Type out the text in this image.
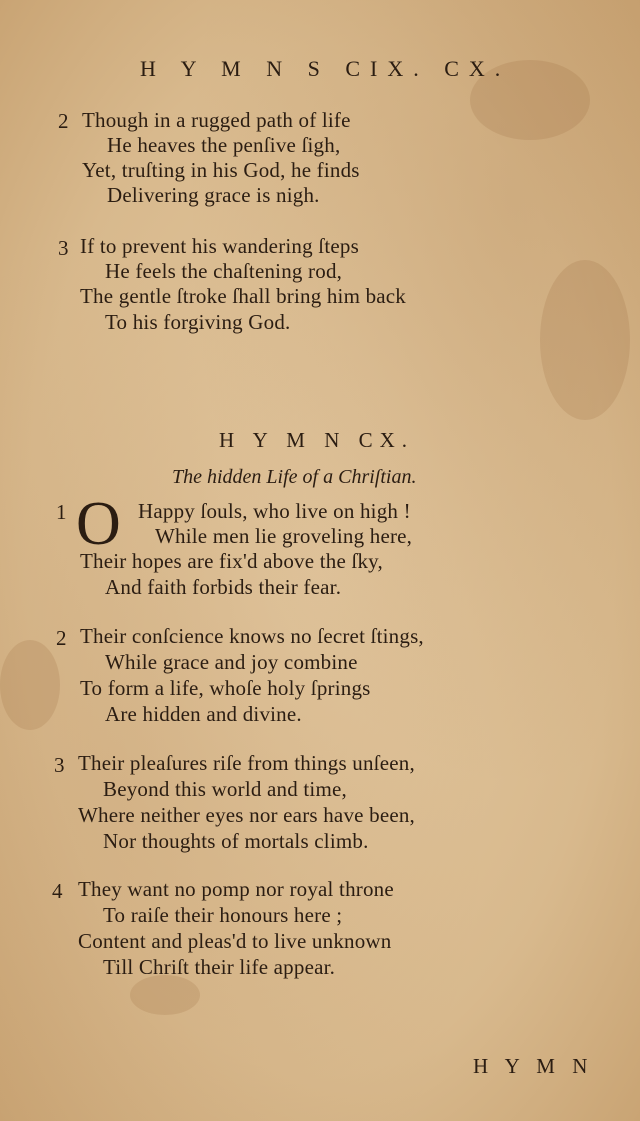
H Y M N S CIX. CX.
2 Though in a rugged path of life
He heaves the penſive ſigh,
Yet, truſting in his God, he finds
Delivering grace is nigh.
3 If to prevent his wandering ſteps
He feels the chaſtening rod,
The gentle ſtroke ſhall bring him back
To his forgiving God.
H Y M N CX.
The hidden Life of a Chriſtian.
1 O Happy ſouls, who live on high !
While men lie groveling here,
Their hopes are fix'd above the ſky,
And faith forbids their fear.
2 Their conſcience knows no ſecret ſtings,
While grace and joy combine
To form a life, whoſe holy ſprings
Are hidden and divine.
3 Their pleaſures riſe from things unſeen,
Beyond this world and time,
Where neither eyes nor ears have been,
Nor thoughts of mortals climb.
4 They want no pomp nor royal throne
To raiſe their honours here ;
Content and pleas'd to live unknown
Till Chriſt their life appear.
H Y M N
